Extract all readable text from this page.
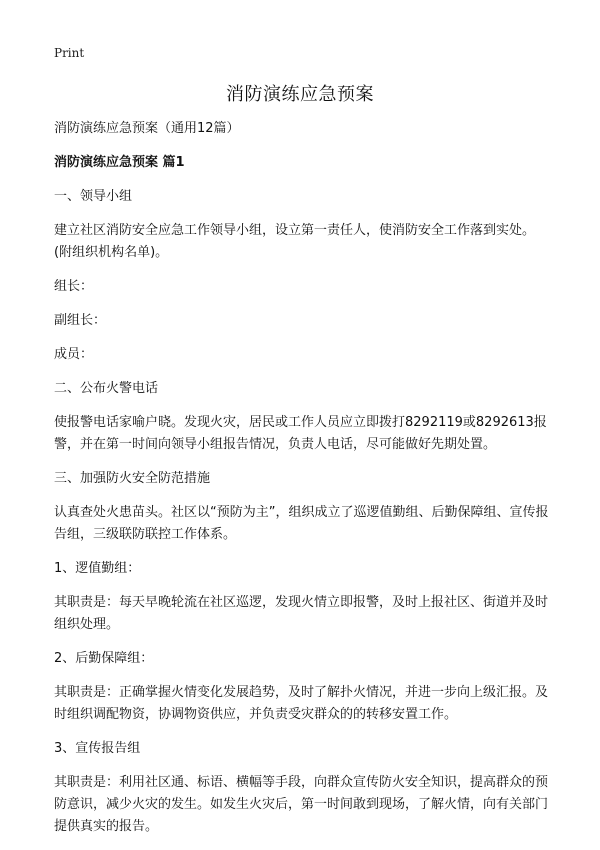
Print
消防演练应急预案

消防演练应急预案（通用12篇）

消防演练应急预案 篇1

一、领导小组

建立社区消防安全应急工作领导小组，设立第一责任人，使消防安全工作落到实处。(附组织机构名单)。

组长：

副组长：

成员：

二、公布火警电话

使报警电话家喻户晓。发现火灾，居民或工作人员应立即拨打8292119或8292613报警，并在第一时间向领导小组报告情况，负责人电话，尽可能做好先期处置。

三、加强防火安全防范措施

认真查处火患苗头。社区以“预防为主”，组织成立了巡逻值勤组、后勤保障组、宣传报告组，三级联防联控工作体系。

1、逻值勤组：

其职责是：每天早晚轮流在社区巡逻，发现火情立即报警，及时上报社区、街道并及时组织处理。

2、后勤保障组：

其职责是：正确掌握火情变化发展趋势，及时了解扑火情况，并进一步向上级汇报。及时组织调配物资，协调物资供应，并负责受灾群众的的转移安置工作。

3、宣传报告组

其职责是：利用社区通、标语、横幅等手段，向群众宣传防火安全知识，提高群众的预防意识，减少火灾的发生。如发生火灾后，第一时间敢到现场，了解火情，向有关部门提供真实的报告。
